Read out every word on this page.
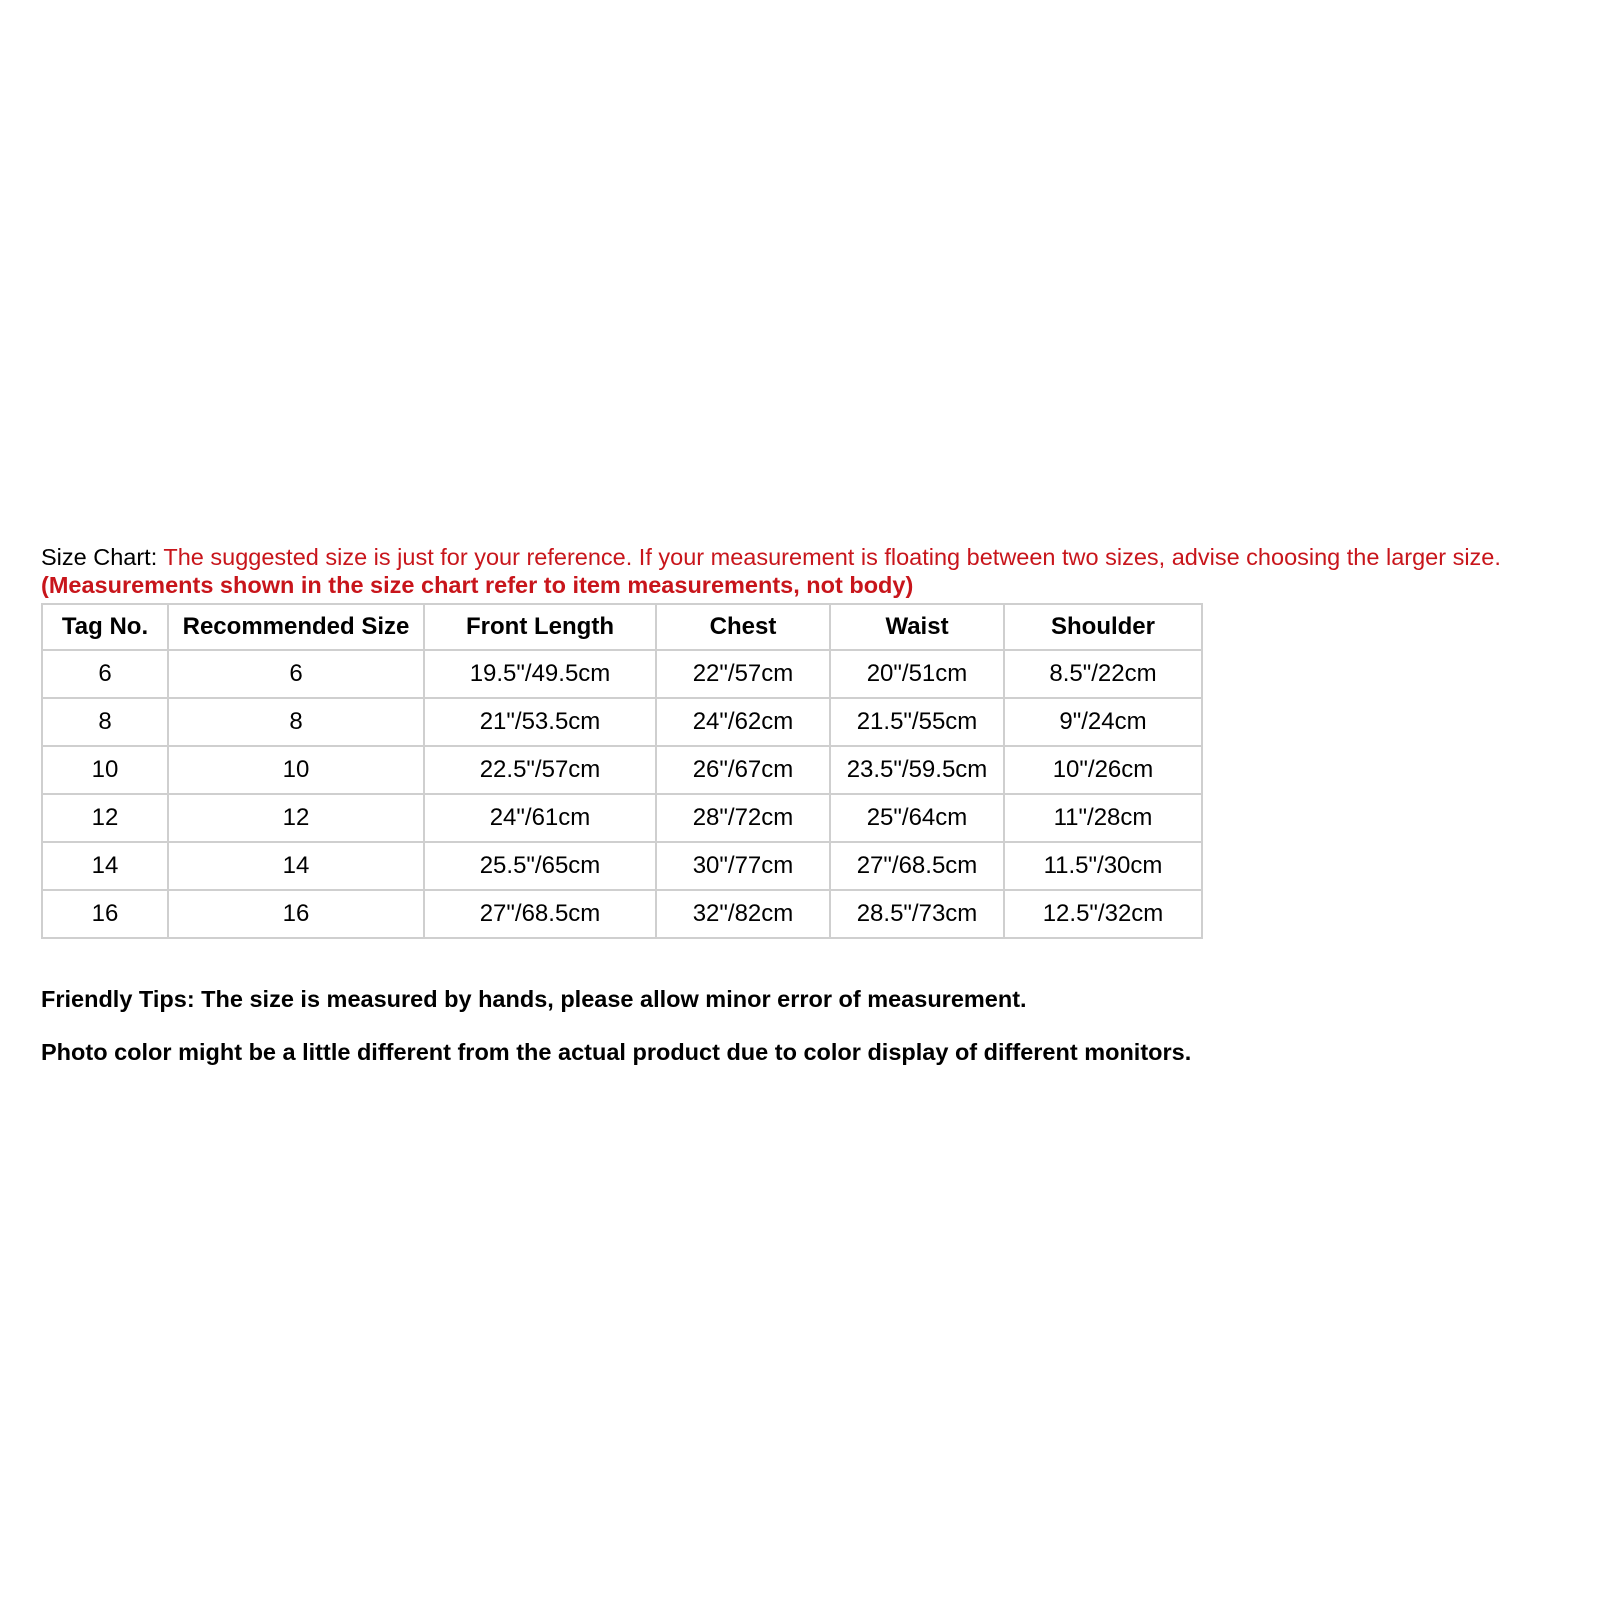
Size Chart: The suggested size is just for your reference. If your measurement is floating between two sizes, advise choosing the larger size. (Measurements shown in the size chart refer to item measurements, not body)

Tag No.	Recommended Size	Front Length	Chest	Waist	Shoulder
6	6	19.5"/49.5cm	22"/57cm	20"/51cm	8.5"/22cm
8	8	21"/53.5cm	24"/62cm	21.5"/55cm	9"/24cm
10	10	22.5"/57cm	26"/67cm	23.5"/59.5cm	10"/26cm
12	12	24"/61cm	28"/72cm	25"/64cm	11"/28cm
14	14	25.5"/65cm	30"/77cm	27"/68.5cm	11.5"/30cm
16	16	27"/68.5cm	32"/82cm	28.5"/73cm	12.5"/32cm

Friendly Tips: The size is measured by hands, please allow minor error of measurement.

Photo color might be a little different from the actual product due to color display of different monitors.
